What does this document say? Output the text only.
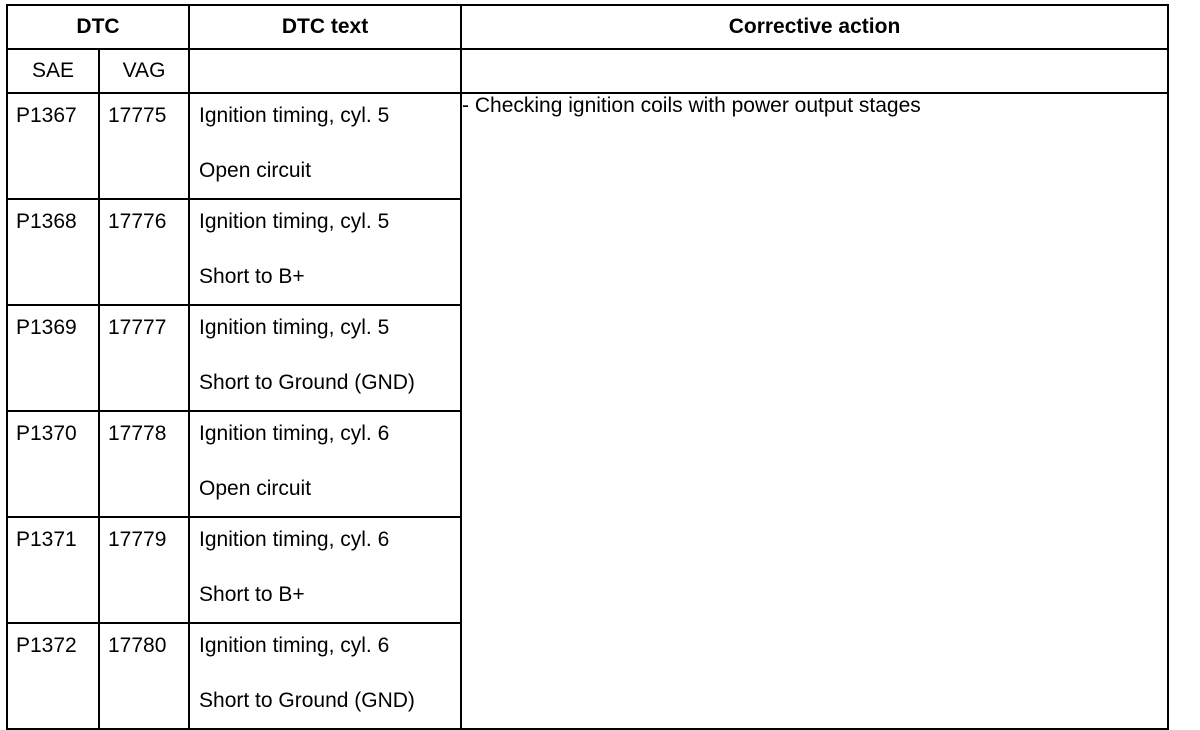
DTC		DTC text	Corrective action
SAE	VAG		
P1367	17775	Ignition timing, cyl. 5
Open circuit	- Checking ignition coils with power output stages
P1368	17776	Ignition timing, cyl. 5
Short to B+	

P1369	17777	Ignition timing, cyl. 5
Short to Ground (GND)	

P1370	17778	Ignition timing, cyl. 6
Open circuit	

P1371	17779	Ignition timing, cyl. 6
Short to B+	

P1372	17780	Ignition timing, cyl. 6
Short to Ground (GND)	
